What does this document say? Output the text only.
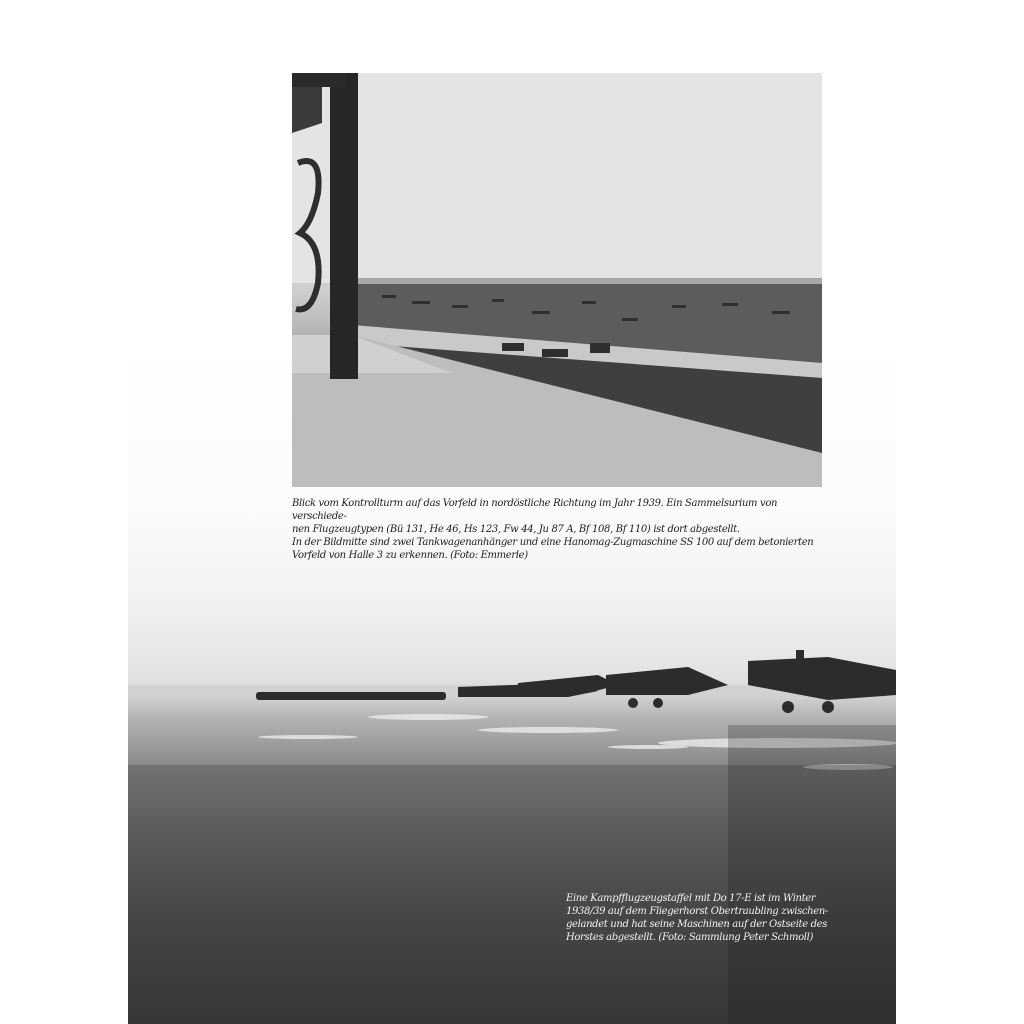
Eine Kampfflugzeugstaffel mit Do 17-E ist im Winter
1938/39 auf dem Fliegerhorst Obertraubling zwischen-
gelandet und hat seine Maschinen auf der Ostseite des
Horstes abgestellt. (Foto: Sammlung Peter Schmoll)

Blick vom Kontrollturm auf das Vorfeld in nordöstliche Richtung im Jahr 1939. Ein Sammelsurium von verschiede-

nen Flugzeugtypen (Bü 131, He 46, Hs 123, Fw 44, Ju 87 A, Bf 108, Bf 110) ist dort abgestellt.

In der Bildmitte sind zwei Tankwagenanhänger und eine Hanomag-Zugmaschine SS 100 auf dem betonierten

Vorfeld von Halle 3 zu erkennen. (Foto: Emmerle)
